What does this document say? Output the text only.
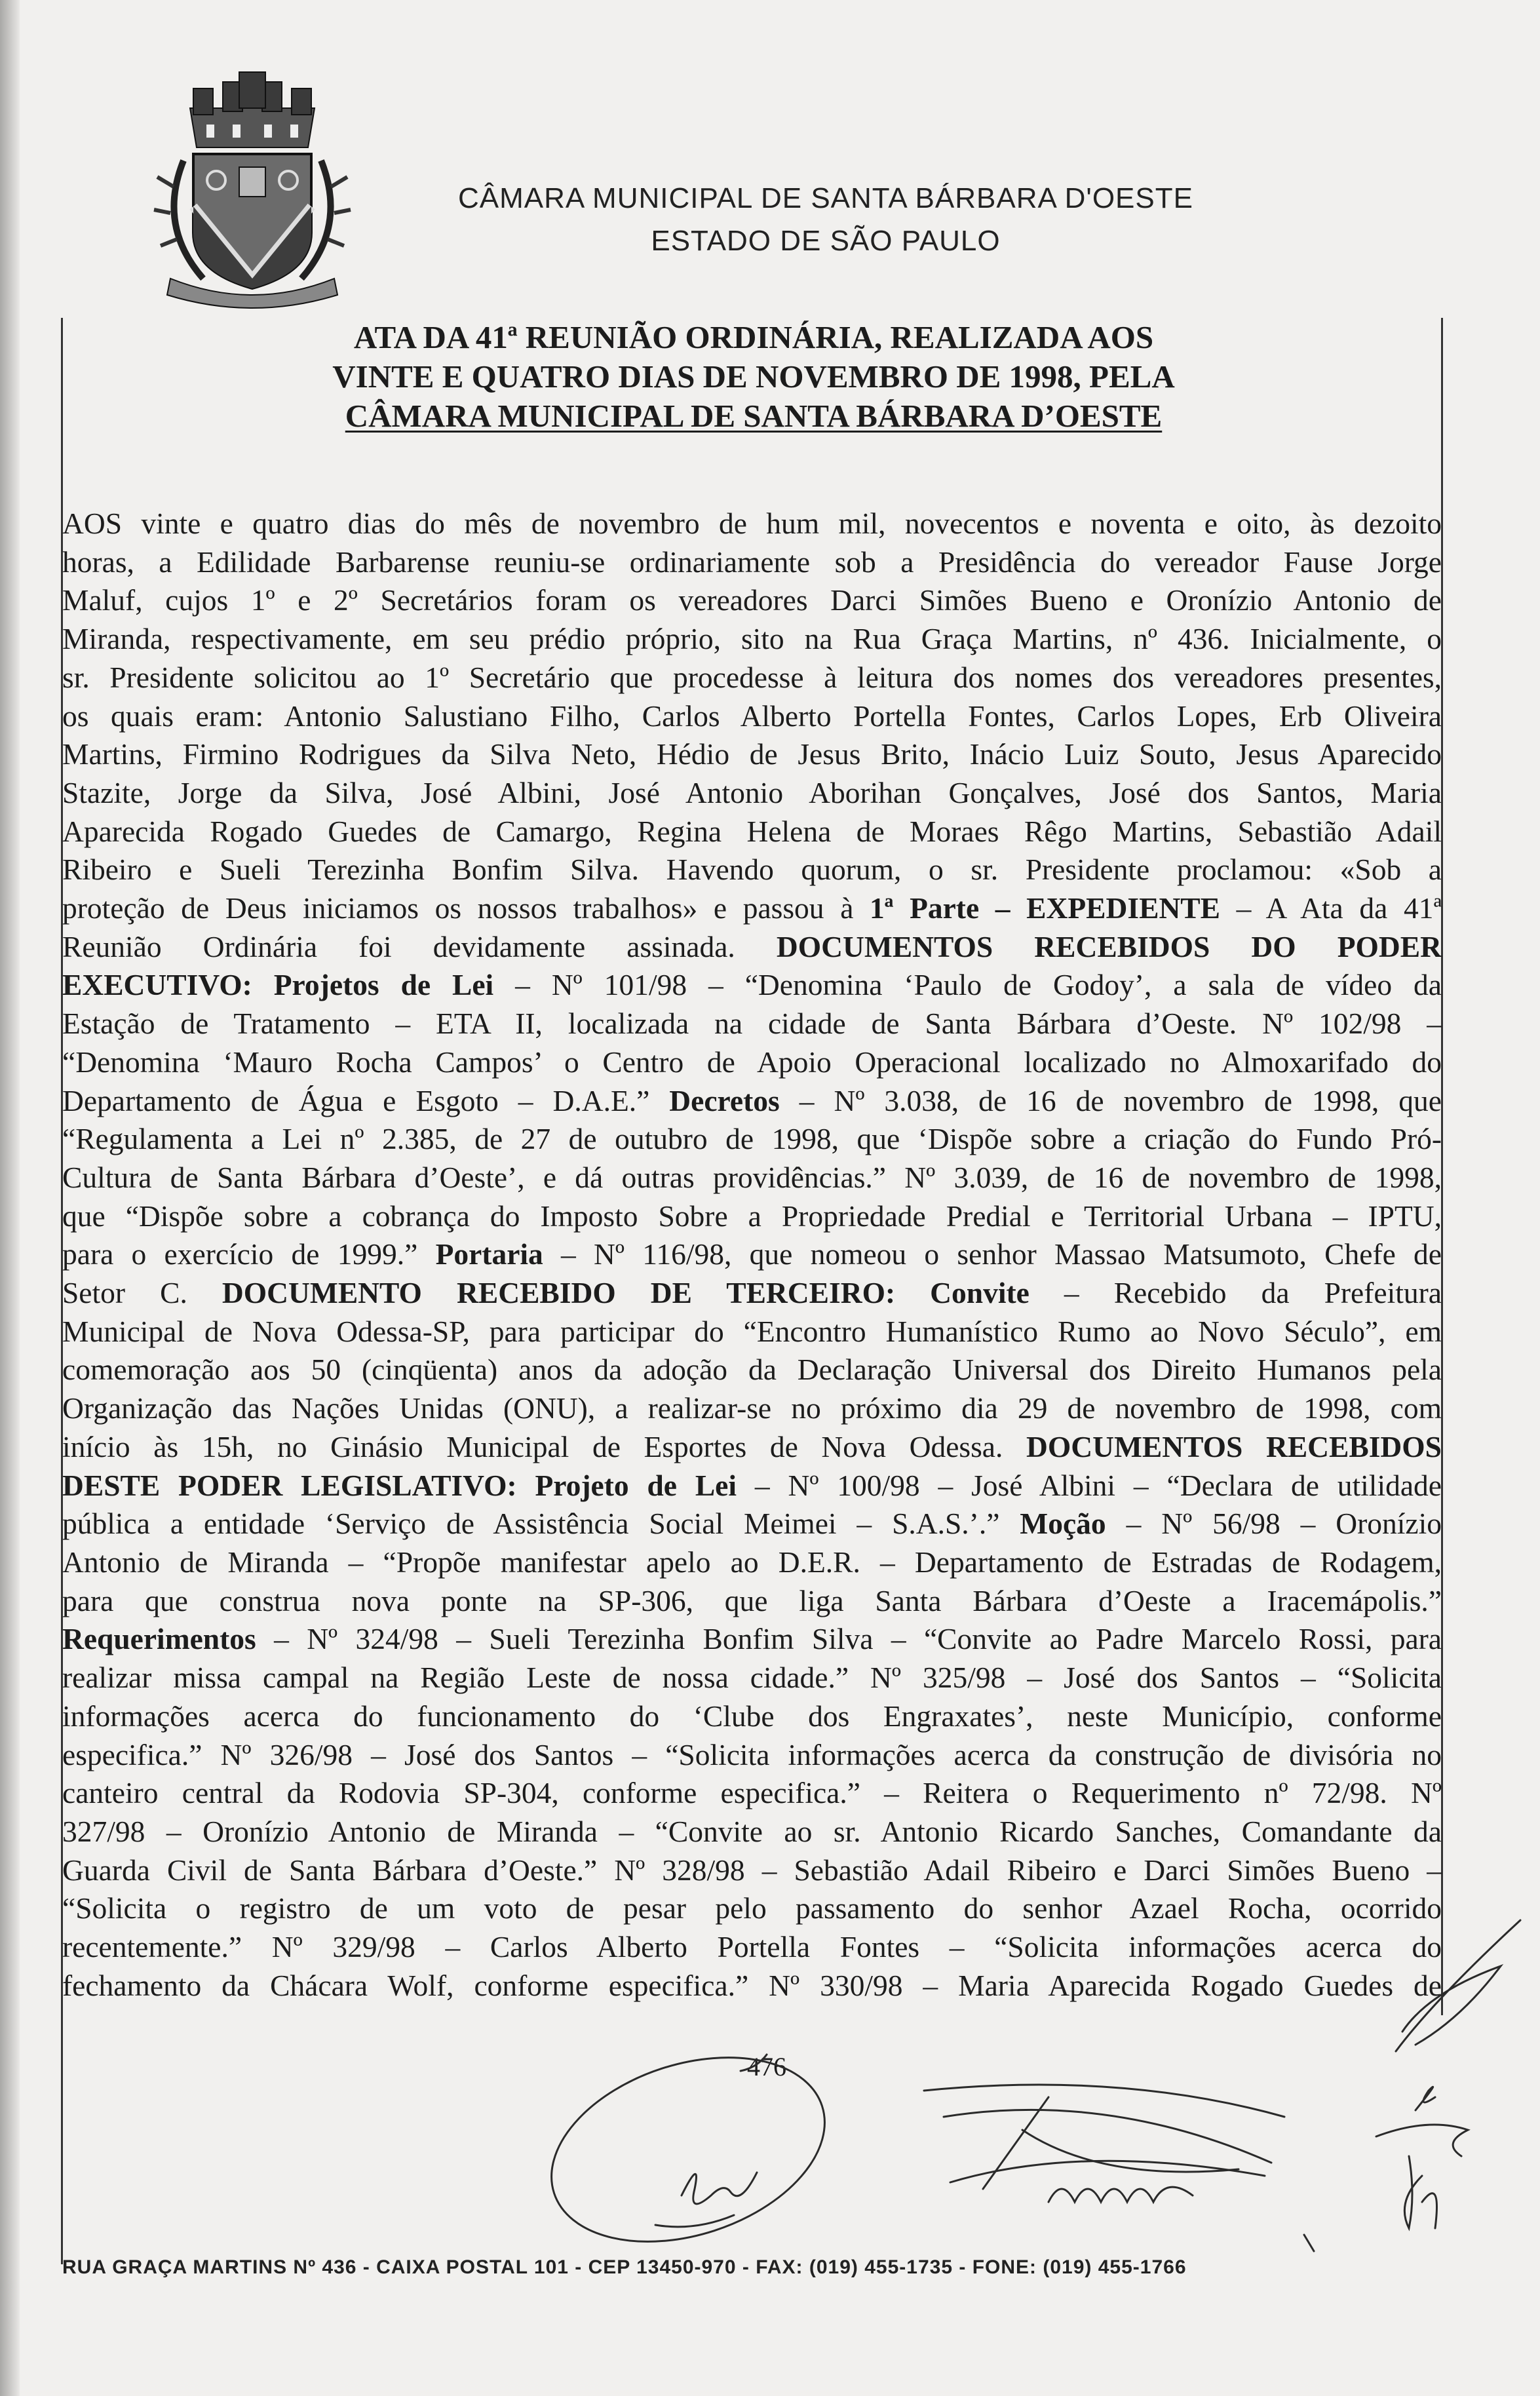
CÂMARA MUNICIPAL DE SANTA BÁRBARA D'OESTE
ESTADO DE SÃO PAULO
ATA DA 41ª REUNIÃO ORDINÁRIA, REALIZADA AOS
VINTE E QUATRO DIAS DE NOVEMBRO DE 1998, PELA
CÂMARA MUNICIPAL DE SANTA BÁRBARA D’OESTE
AOS vinte e quatro dias do mês de novembro de hum mil, novecentos e noventa e oito, às dezoito
horas, a Edilidade Barbarense reuniu-se ordinariamente sob a Presidência do vereador Fause Jorge
Maluf, cujos 1º e 2º Secretários foram os vereadores Darci Simões Bueno e Oronízio Antonio de
Miranda, respectivamente, em seu prédio próprio, sito na Rua Graça Martins, nº 436. Inicialmente, o
sr. Presidente solicitou ao 1º Secretário que procedesse à leitura dos nomes dos vereadores presentes,
os quais eram: Antonio Salustiano Filho, Carlos Alberto Portella Fontes, Carlos Lopes, Erb Oliveira
Martins, Firmino Rodrigues da Silva Neto, Hédio de Jesus Brito, Inácio Luiz Souto, Jesus Aparecido
Stazite, Jorge da Silva, José Albini, José Antonio Aborihan Gonçalves, José dos Santos, Maria
Aparecida Rogado Guedes de Camargo, Regina Helena de Moraes Rêgo Martins, Sebastião Adail
Ribeiro e Sueli Terezinha Bonfim Silva. Havendo quorum, o sr. Presidente proclamou: «Sob a
proteção de Deus iniciamos os nossos trabalhos» e passou à 1ª Parte – EXPEDIENTE – A Ata da 41ª
Reunião Ordinária foi devidamente assinada. DOCUMENTOS RECEBIDOS DO PODER
EXECUTIVO: Projetos de Lei – Nº 101/98 – “Denomina ‘Paulo de Godoy’, a sala de vídeo da
Estação de Tratamento – ETA II, localizada na cidade de Santa Bárbara d’Oeste. Nº 102/98 –
“Denomina ‘Mauro Rocha Campos’ o Centro de Apoio Operacional localizado no Almoxarifado do
Departamento de Água e Esgoto – D.A.E.” Decretos – Nº 3.038, de 16 de novembro de 1998, que
“Regulamenta a Lei nº 2.385, de 27 de outubro de 1998, que ‘Dispõe sobre a criação do Fundo Pró-
Cultura de Santa Bárbara d’Oeste’, e dá outras providências.” Nº 3.039, de 16 de novembro de 1998,
que “Dispõe sobre a cobrança do Imposto Sobre a Propriedade Predial e Territorial Urbana – IPTU,
para o exercício de 1999.” Portaria – Nº 116/98, que nomeou o senhor Massao Matsumoto, Chefe de
Setor C. DOCUMENTO RECEBIDO DE TERCEIRO: Convite – Recebido da Prefeitura
Municipal de Nova Odessa-SP, para participar do “Encontro Humanístico Rumo ao Novo Século”, em
comemoração aos 50 (cinqüenta) anos da adoção da Declaração Universal dos Direito Humanos pela
Organização das Nações Unidas (ONU), a realizar-se no próximo dia 29 de novembro de 1998, com
início às 15h, no Ginásio Municipal de Esportes de Nova Odessa. DOCUMENTOS RECEBIDOS
DESTE PODER LEGISLATIVO: Projeto de Lei – Nº 100/98 – José Albini – “Declara de utilidade
pública a entidade ‘Serviço de Assistência Social Meimei – S.A.S.’.” Moção – Nº 56/98 – Oronízio
Antonio de Miranda – “Propõe manifestar apelo ao D.E.R. – Departamento de Estradas de Rodagem,
para que construa nova ponte na SP-306, que liga Santa Bárbara d’Oeste a Iracemápolis.”
Requerimentos – Nº 324/98 – Sueli Terezinha Bonfim Silva – “Convite ao Padre Marcelo Rossi, para
realizar missa campal na Região Leste de nossa cidade.” Nº 325/98 – José dos Santos – “Solicita
informações acerca do funcionamento do ‘Clube dos Engraxates’, neste Município, conforme
especifica.” Nº 326/98 – José dos Santos – “Solicita informações acerca da construção de divisória no
canteiro central da Rodovia SP-304, conforme especifica.” – Reitera o Requerimento nº 72/98. Nº
327/98 – Oronízio Antonio de Miranda – “Convite ao sr. Antonio Ricardo Sanches, Comandante da
Guarda Civil de Santa Bárbara d’Oeste.” Nº 328/98 – Sebastião Adail Ribeiro e Darci Simões Bueno –
“Solicita o registro de um voto de pesar pelo passamento do senhor Azael Rocha, ocorrido
recentemente.” Nº 329/98 – Carlos Alberto Portella Fontes – “Solicita informações acerca do
fechamento da Chácara Wolf, conforme especifica.” Nº 330/98 – Maria Aparecida Rogado Guedes de
476
RUA GRAÇA MARTINS Nº 436 - CAIXA POSTAL 101 - CEP 13450-970 - FAX: (019) 455-1735 - FONE: (019) 455-1766
